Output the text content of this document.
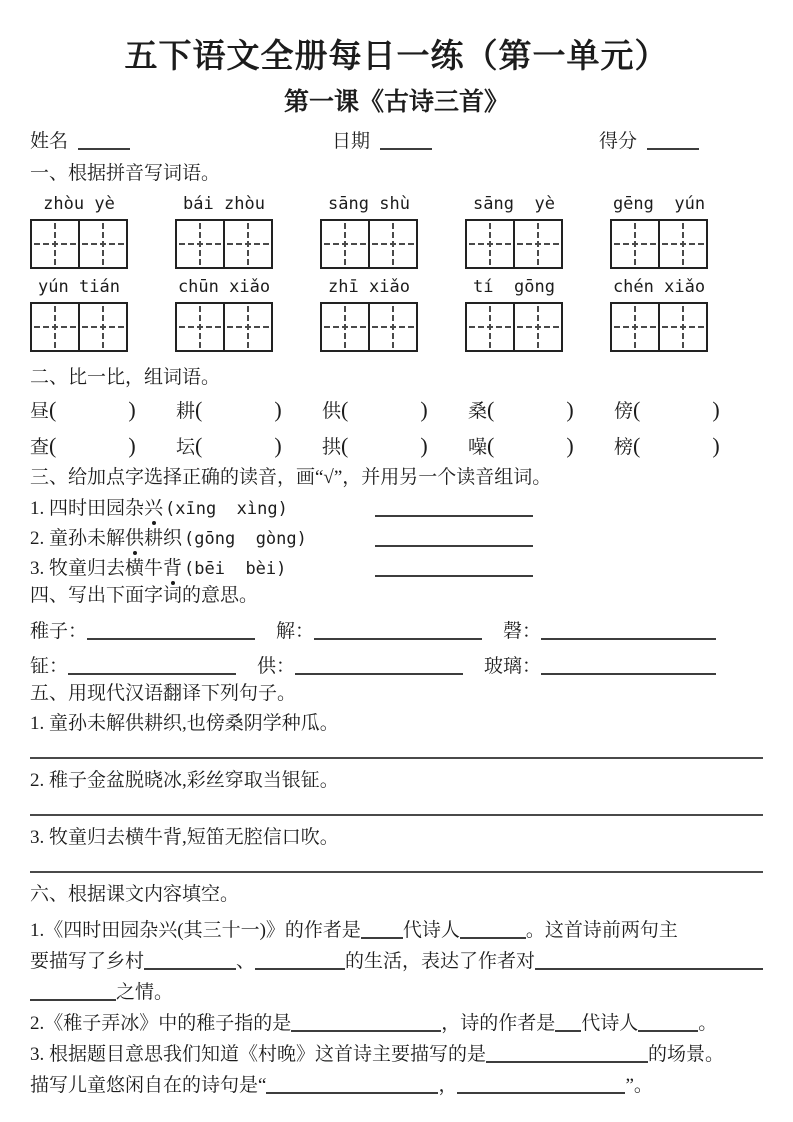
五下语文全册每日一练（第一单元）
第一课《古诗三首》
姓名	日期	得分
一、根据拼音写词语。
zhòu yè	bái zhòu	sāng shù	sāng  yè	gēng  yún
yún tián	chūn xiǎo	zhī xiǎo	tí  gōng	chén xiǎo
二、比一比，组词语。
昼 (	) 耕 (	) 供 (	) 桑 (	) 傍 (	)
查 (	) 坛 (	) 拱 (	) 噪 (	) 榜 (	)
三、给加点字选择正确的读音，画“√”，并用另一个读音组词。
1. 四时田园杂兴 (xīng  xìng)
2. 童孙未解供耕织 (gōng  gòng)
3. 牧童归去横牛背 (bēi  bèi)
四、写出下面字词的意思。
稚子：	解：	磬：
钲：	供：	玻璃：
五、用现代汉语翻译下列句子。

1. 童孙未解供耕织,也傍桑阴学种瓜。

2. 稚子金盆脱晓冰,彩丝穿取当银钲。

3. 牧童归去横牛背,短笛无腔信口吹。

六、根据课文内容填空。
1.《四时田园杂兴(其三十一)》的作者是 代诗人	。这首诗前两句主
要描写了乡村	、	的生活，表达了作者对
之情。
2.《稚子弄冰》中的稚子指的是	，诗的作者是 代诗人	。
3. 根据题目意思我们知道《村晚》这首诗主要描写的是	的场景。
描写儿童悠闲自在的诗句是“	，	”。
